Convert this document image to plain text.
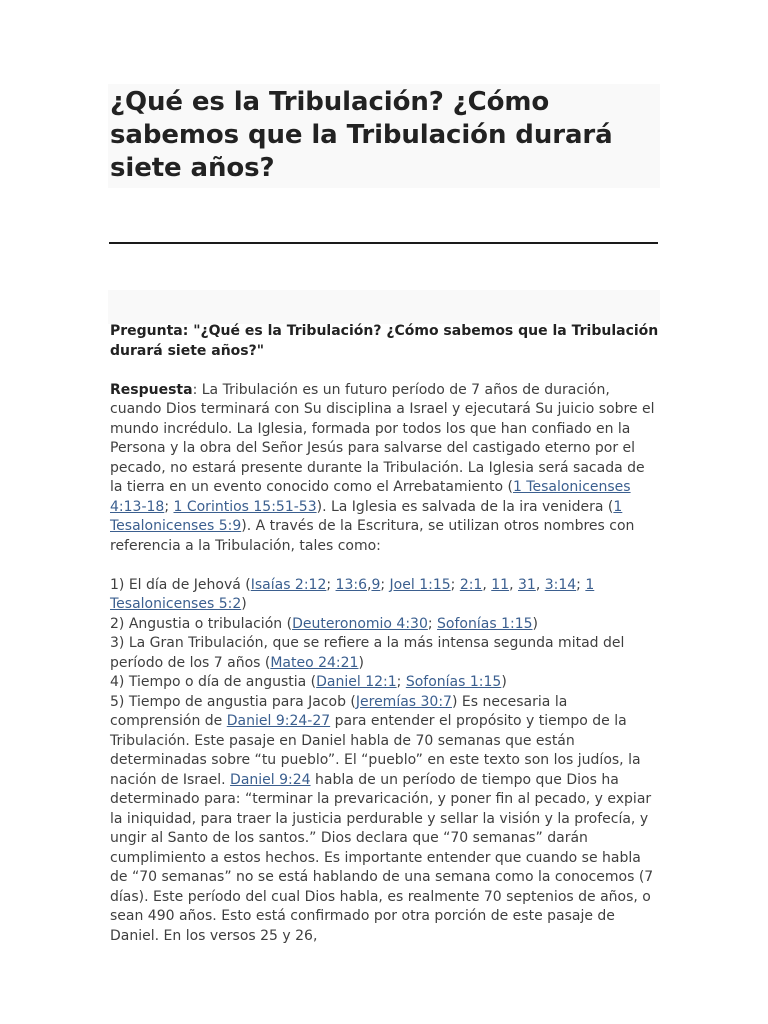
¿Qué es la Tribulación? ¿Cómo sabemos que la Tribulación durará siete años?

Pregunta: "¿Qué es la Tribulación? ¿Cómo sabemos que la Tribulación durará siete años?"

Respuesta: La Tribulación es un futuro período de 7 años de duración, cuando Dios terminará con Su disciplina a Israel y ejecutará Su juicio sobre el mundo incrédulo. La Iglesia, formada por todos los que han confiado en la Persona y la obra del Señor Jesús para salvarse del castigado eterno por el pecado, no estará presente durante la Tribulación. La Iglesia será sacada de la tierra en un evento conocido como el Arrebatamiento (1 Tesalonicenses 4:13-18; 1 Corintios 15:51-53). La Iglesia es salvada de la ira venidera (1 Tesalonicenses 5:9). A través de la Escritura, se utilizan otros nombres con referencia a la Tribulación, tales como:

1) El día de Jehová (Isaías 2:12; 13:6,9; Joel 1:15; 2:1, 11, 31, 3:14; 1 Tesalonicenses 5:2)

2) Angustia o tribulación (Deuteronomio 4:30; Sofonías 1:15)

3) La Gran Tribulación, que se refiere a la más intensa segunda mitad del período de los 7 años (Mateo 24:21)

4) Tiempo o día de angustia (Daniel 12:1; Sofonías 1:15)

5) Tiempo de angustia para Jacob (Jeremías 30:7) Es necesaria la comprensión de Daniel 9:24-27 para entender el propósito y tiempo de la Tribulación. Este pasaje en Daniel habla de 70 semanas que están determinadas sobre “tu pueblo”. El “pueblo” en este texto son los judíos, la nación de Israel. Daniel 9:24 habla de un período de tiempo que Dios ha determinado para: “terminar la prevaricación, y poner fin al pecado, y expiar la iniquidad, para traer la justicia perdurable y sellar la visión y la profecía, y ungir al Santo de los santos.” Dios declara que “70 semanas” darán cumplimiento a estos hechos. Es importante entender que cuando se habla de “70 semanas” no se está hablando de una semana como la conocemos (7 días). Este período del cual Dios habla, es realmente 70 septenios de años, o sean 490 años. Esto está confirmado por otra porción de este pasaje de Daniel. En los versos 25 y 26,
